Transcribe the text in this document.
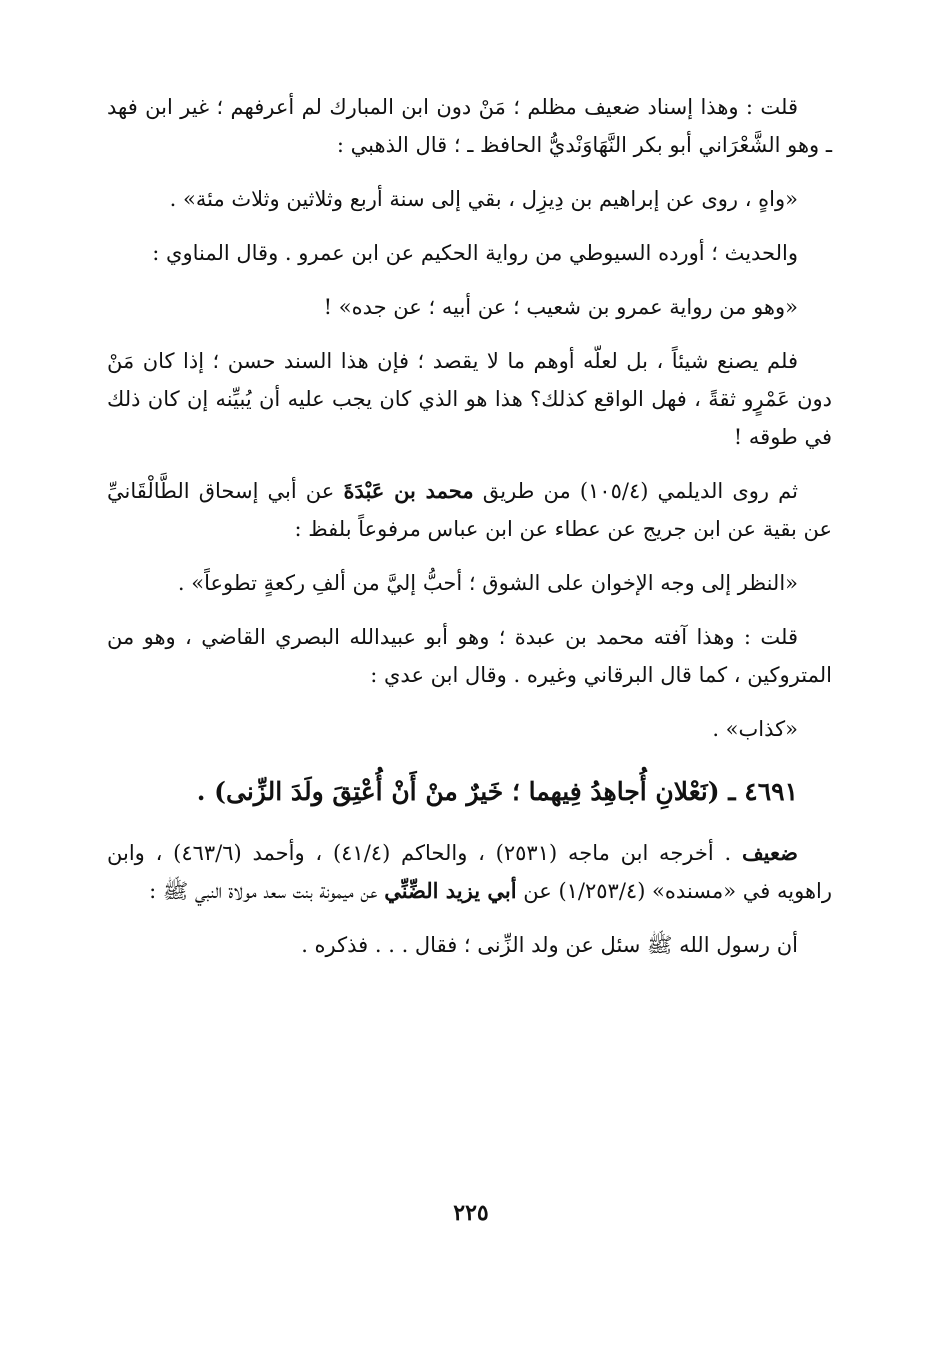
قلت : وهذا إسناد ضعيف مظلم ؛ مَنْ دون ابن المبارك لم أعرفهم ؛ غير ابن فهد ـ وهو الشَّعْرَاني أبو بكر النَّهَاوَنْديُّ الحافظ ـ ؛ قال الذهبي :

«واهٍ ، روى عن إبراهيم بن دِيزِل ، بقي إلى سنة أربع وثلاثين وثلاث مئة» .

والحديث ؛ أورده السيوطي من رواية الحكيم عن ابن عمرو . وقال المناوي :

«وهو من رواية عمرو بن شعيب ؛ عن أبيه ؛ عن جده» !

فلم يصنع شيئاً ، بل لعلّه أوهم ما لا يقصد ؛ فإن هذا السند حسن ؛ إذا كان مَنْ دون عَمْرٍو ثقةً ، فهل الواقع كذلك؟ هذا هو الذي كان يجب عليه أن يُبيِّنه إن كان ذلك في طوقه !

ثم روى الديلمي (١٠٥/٤) من طريق محمد بن عَبْدَةَ عن أبي إسحاق الطَّالْقَانيِّ عن بقية عن ابن جريج عن عطاء عن ابن عباس مرفوعاً بلفظ :

«النظر إلى وجه الإخوان على الشوق ؛ أحبُّ إليَّ من ألفِ ركعةٍ تطوعاً» .

قلت : وهذا آفته محمد بن عبدة ؛ وهو أبو عبيدالله البصري القاضي ، وهو من المتروكين ، كما قال البرقاني وغيره . وقال ابن عدي :

«كذاب» .

٤٦٩١ ـ (نَعْلانِ أُجاهِدُ فِيهما ؛ خَيرٌ منْ أَنْ أُعْتِقَ ولَدَ الزِّنى) .

ضعيف . أخرجه ابن ماجه (٢٥٣١) ، والحاكم (٤١/٤) ، وأحمد (٤٦٣/٦) ، وابن راهويه في «مسنده» (١/٢٥٣/٤) عن أبي يزيد الضِّنِّي عن ميمونة بنت سعد مولاة النبي ﷺ :

أن رسول الله ﷺ سئل عن ولد الزِّنى ؛ فقال . . . فذكره .

٢٢٥
